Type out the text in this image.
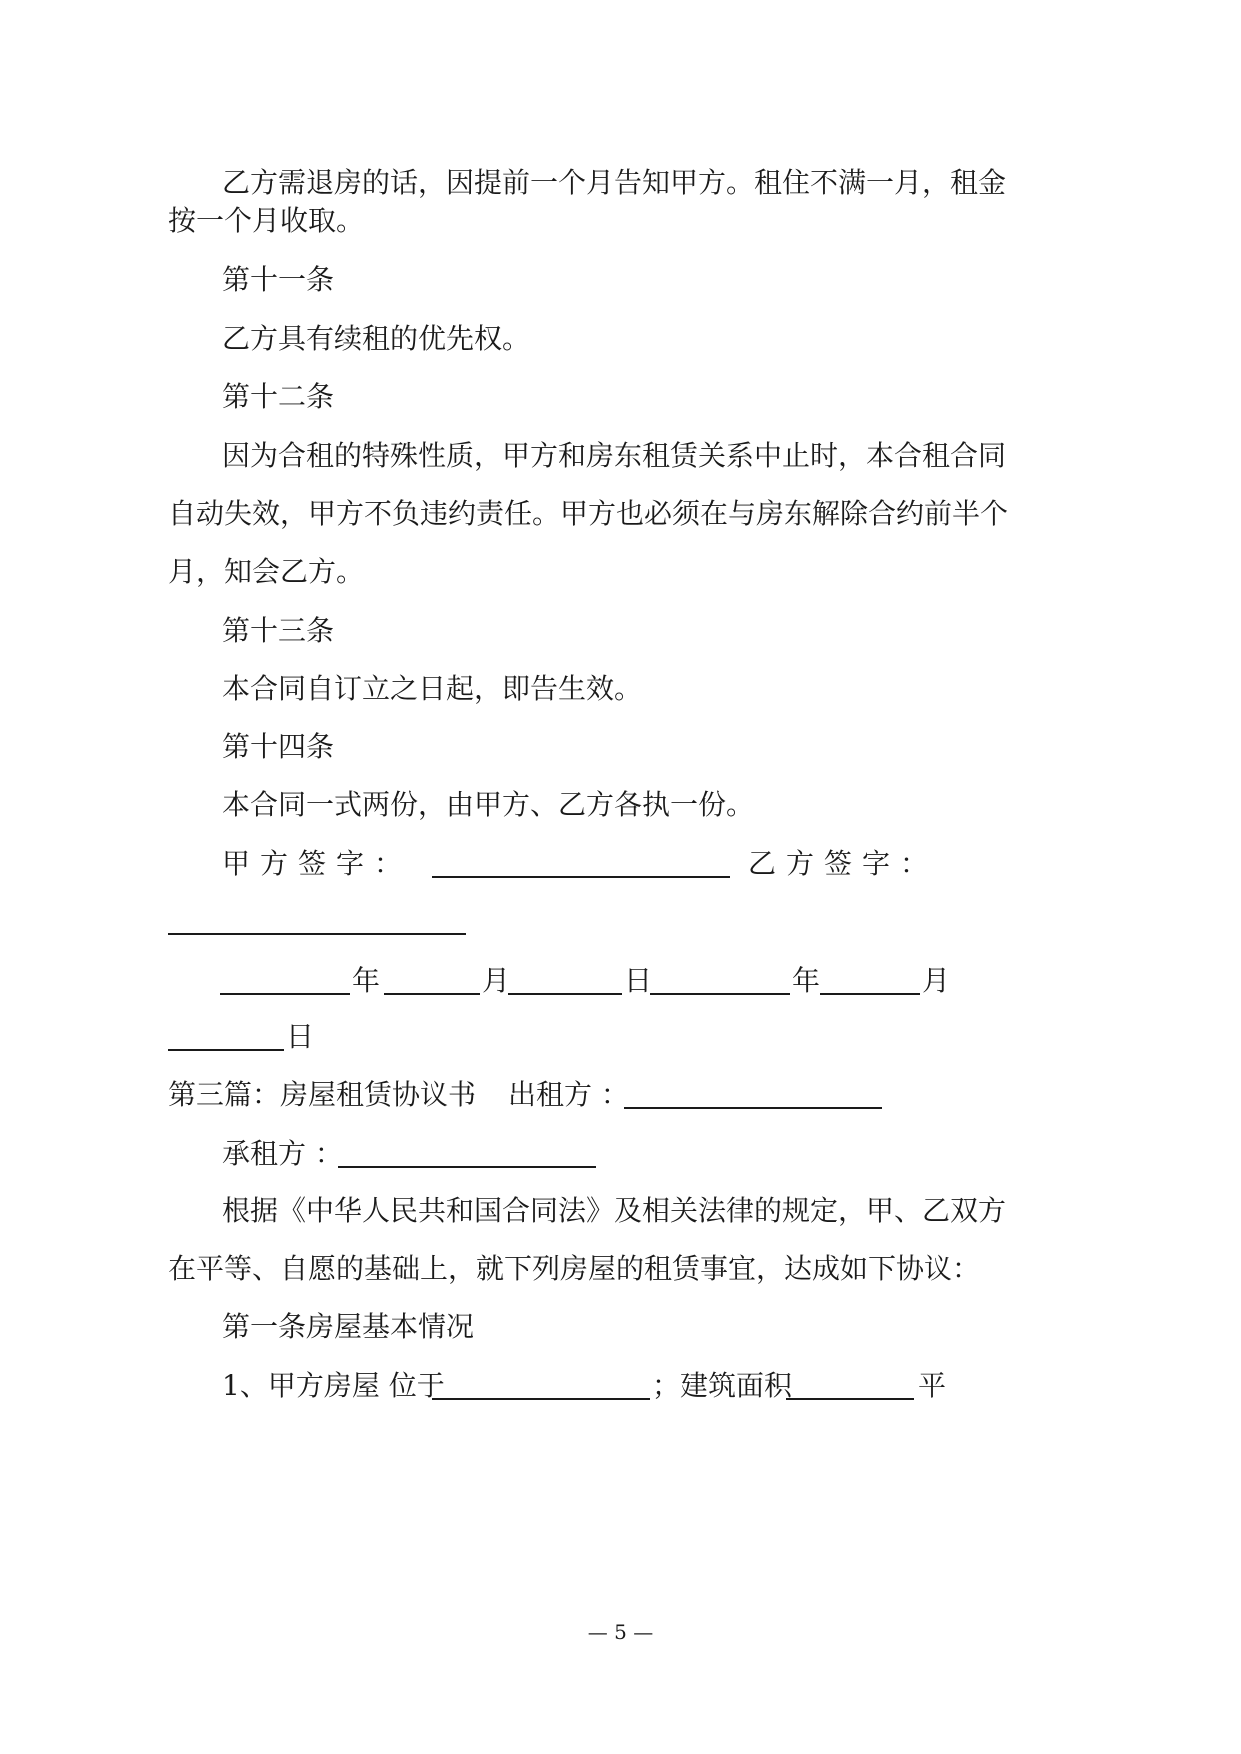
乙方需退房的话，因提前一个月告知甲方。租住不满一月，租金
按一个月收取。
第十一条
乙方具有续租的优先权。
第十二条
因为合租的特殊性质，甲方和房东租赁关系中止时，本合租合同
自动失效，甲方不负违约责任。甲方也必须在与房东解除合约前半个
月，知会乙方。
第十三条
本合同自订立之日起，即告生效。
第十四条
本合同一式两份，由甲方、乙方各执一份。
甲 方 签 字 ：	乙 方 签 字 ：
年	月	日	年	月
日
第三篇：房屋租赁协议书 出租方 ：
承租方 ：
根据《中华人民共和国合同法》及相关法律的规定，甲、乙双方
在平等、自愿的基础上，就下列房屋的租赁事宜，达成如下协议：
第一条房屋基本情况
1、甲方房屋 位于	；建筑面积	平
— 5 —
